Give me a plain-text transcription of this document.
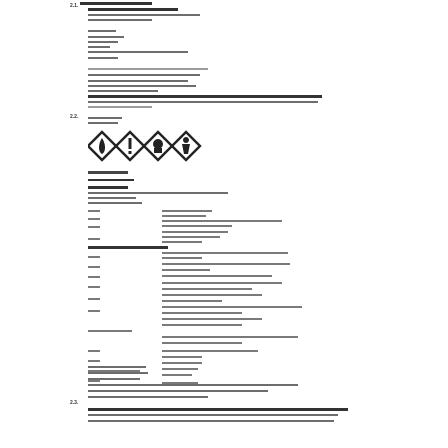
2.1.
2.2.
2.3.
